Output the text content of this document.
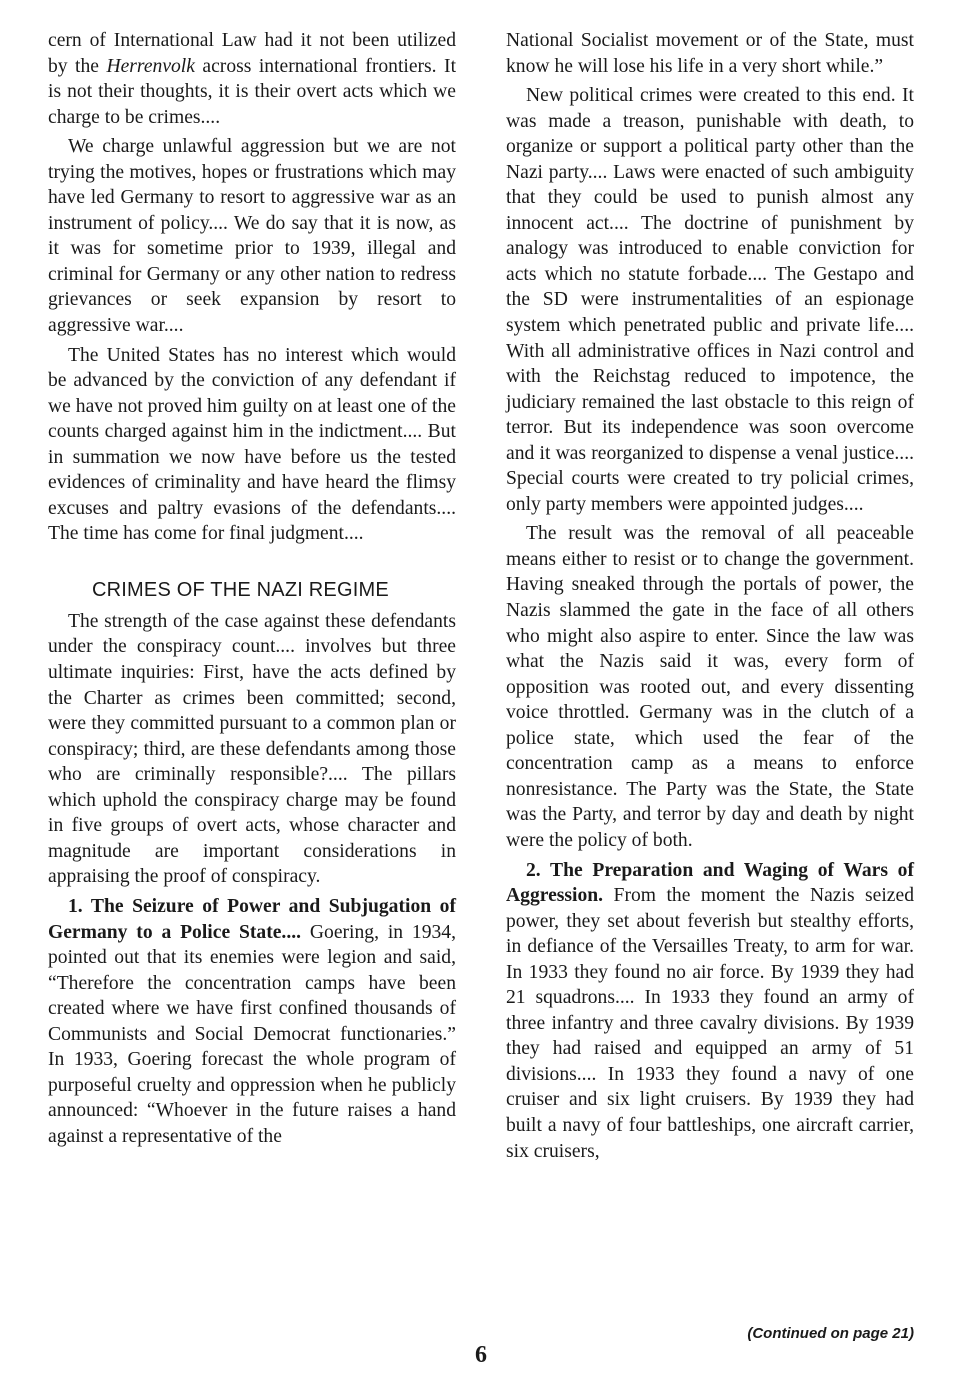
cern of International Law had it not been utilized by the Herrenvolk across international frontiers. It is not their thoughts, it is their overt acts which we charge to be crimes....

We charge unlawful aggression but we are not trying the motives, hopes or frustrations which may have led Germany to resort to aggressive war as an instrument of policy.... We do say that it is now, as it was for sometime prior to 1939, illegal and criminal for Germany or any other nation to redress grievances or seek expansion by resort to aggressive war....

The United States has no interest which would be advanced by the conviction of any defendant if we have not proved him guilty on at least one of the counts charged against him in the indictment.... But in summation we now have before us the tested evidences of criminality and have heard the flimsy excuses and paltry evasions of the defendants.... The time has come for final judgment....

CRIMES OF THE NAZI REGIME

The strength of the case against these defendants under the conspiracy count.... involves but three ultimate inquiries: First, have the acts defined by the Charter as crimes been committed; second, were they committed pursuant to a common plan or conspiracy; third, are these defendants among those who are criminally responsible?.... The pillars which uphold the conspiracy charge may be found in five groups of overt acts, whose character and magnitude are important considerations in appraising the proof of conspiracy.

1. The Seizure of Power and Subjugation of Germany to a Police State.... Goering, in 1934, pointed out that its enemies were legion and said, “Therefore the concentration camps have been created where we have first confined thousands of Communists and Social Democrat functionaries.” In 1933, Goering forecast the whole program of purposeful cruelty and oppression when he publicly announced: “Whoever in the future raises a hand against a representative of the

National Socialist movement or of the State, must know he will lose his life in a very short while.”

New political crimes were created to this end. It was made a treason, punishable with death, to organize or support a political party other than the Nazi party.... Laws were enacted of such ambiguity that they could be used to punish almost any innocent act.... The doctrine of punishment by analogy was introduced to enable conviction for acts which no statute forbade.... The Gestapo and the SD were instrumentalities of an espionage system which penetrated public and private life.... With all administrative offices in Nazi control and with the Reichstag reduced to impotence, the judiciary remained the last obstacle to this reign of terror. But its independence was soon overcome and it was reorganized to dispense a venal justice.... Special courts were created to try policial crimes, only party members were appointed judges....

The result was the removal of all peaceable means either to resist or to change the government. Having sneaked through the portals of power, the Nazis slammed the gate in the face of all others who might also aspire to enter. Since the law was what the Nazis said it was, every form of opposition was rooted out, and every dissenting voice throttled. Germany was in the clutch of a police state, which used the fear of the concentration camp as a means to enforce nonresistance. The Party was the State, the State was the Party, and terror by day and death by night were the policy of both.

2. The Preparation and Waging of Wars of Aggression. From the moment the Nazis seized power, they set about feverish but stealthy efforts, in defiance of the Versailles Treaty, to arm for war. In 1933 they found no air force. By 1939 they had 21 squadrons.... In 1933 they found an army of three infantry and three cavalry divisions. By 1939 they had raised and equipped an army of 51 divisions.... In 1933 they found a navy of one cruiser and six light cruisers. By 1939 they had built a navy of four battleships, one aircraft carrier, six cruisers,

(Continued on page 21)
6
